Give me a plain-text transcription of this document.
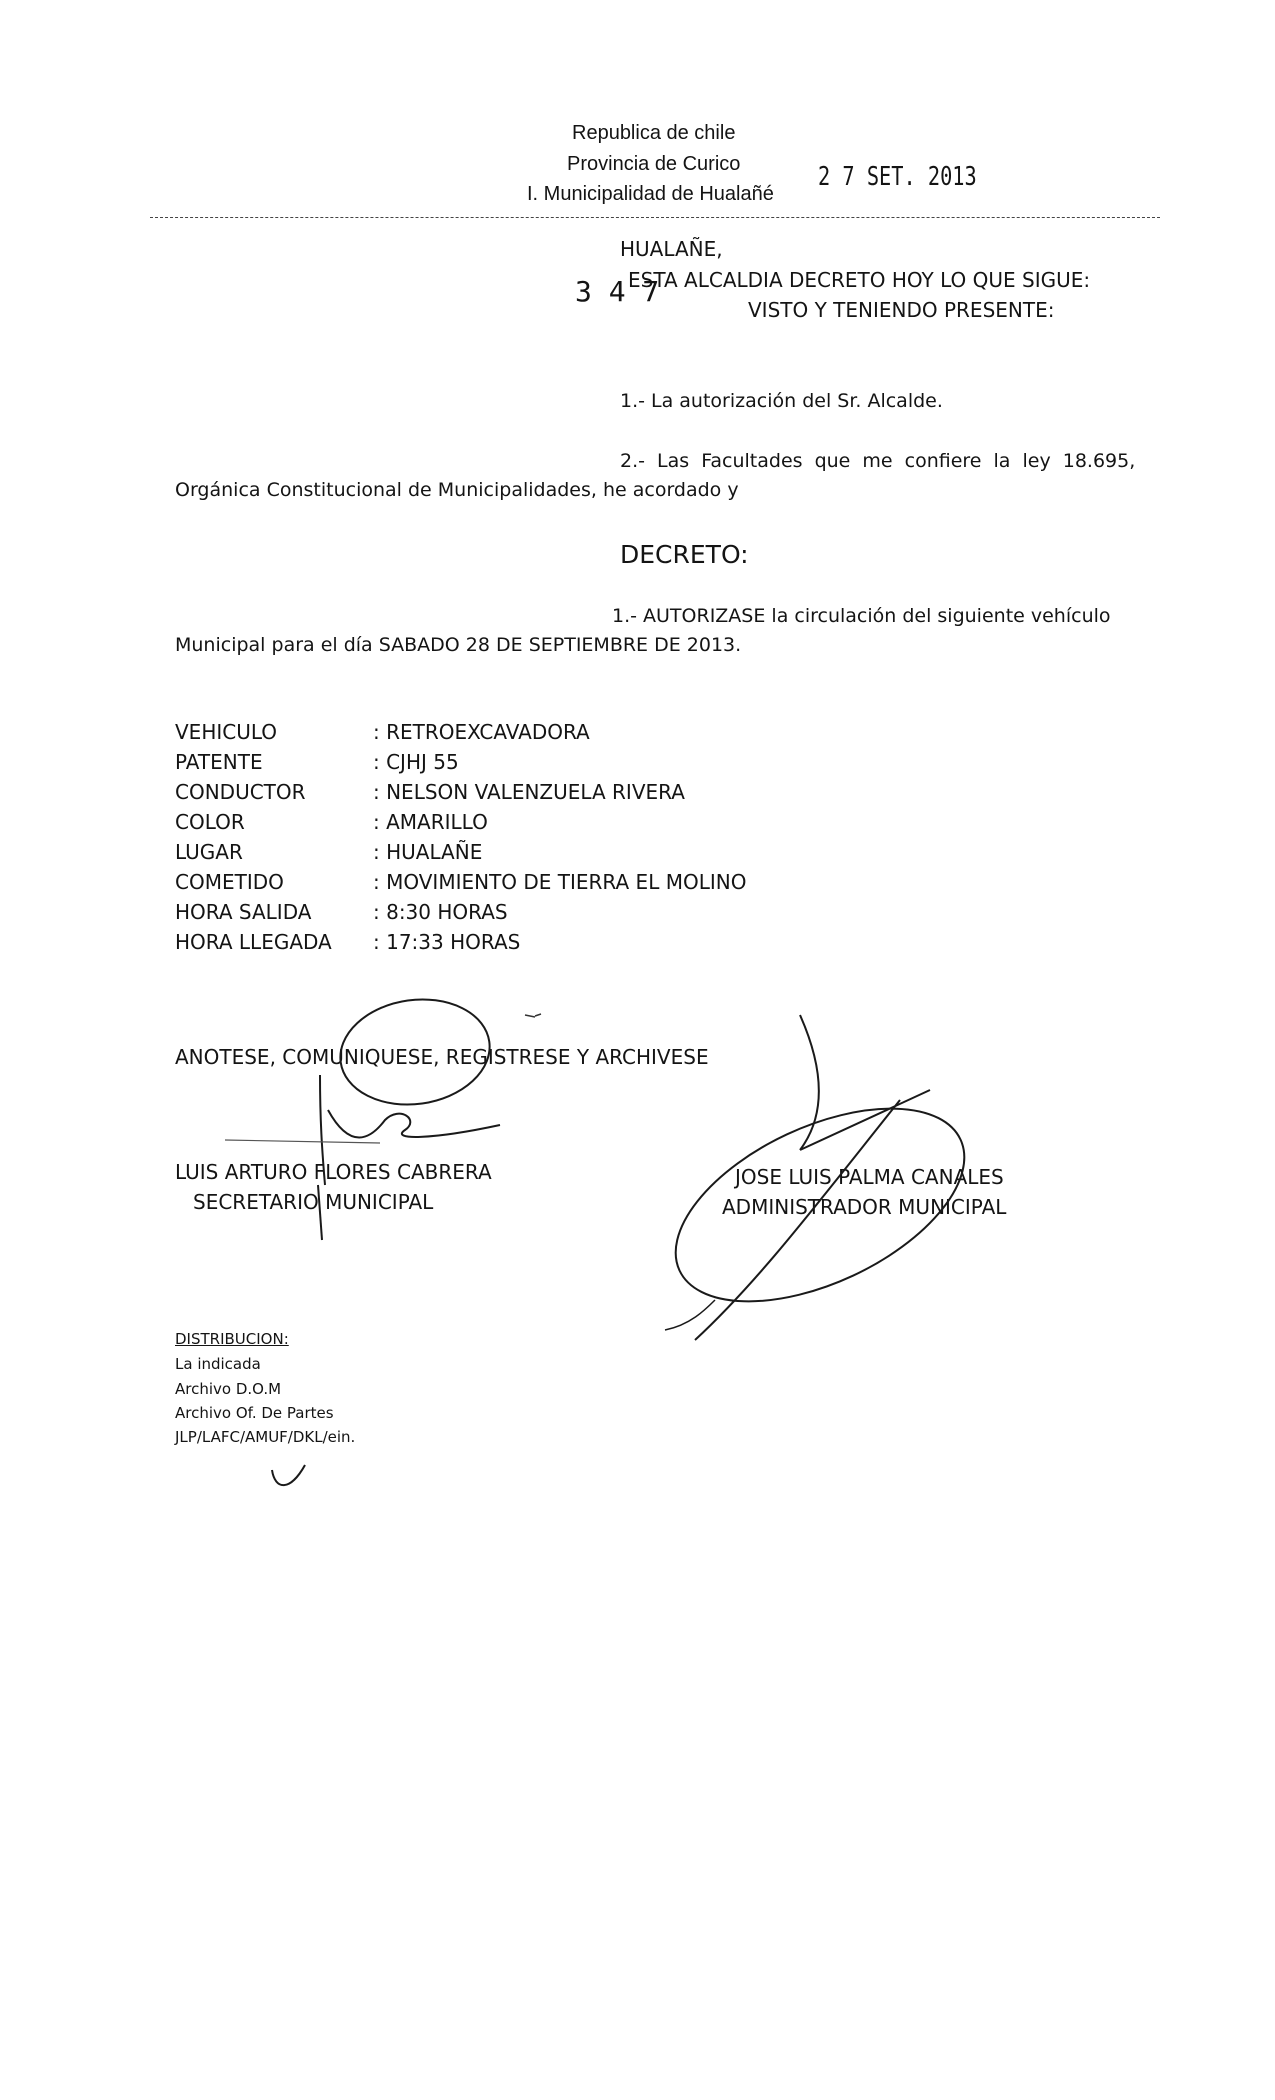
Republica de chile
Provincia de Curico
I. Municipalidad de Hualañé
2 7 SET. 2013
HUALAÑE,
3 4 7
ESTA ALCALDIA DECRETO HOY LO QUE SIGUE:
VISTO Y TENIENDO PRESENTE:
1.- La autorización del Sr. Alcalde.
2.- Las Facultades que me confiere la ley 18.695,
Orgánica Constitucional de Municipalidades, he acordado y
DECRETO:
1.- AUTORIZASE la circulación del siguiente vehículo
Municipal para el día SABADO 28 DE SEPTIEMBRE DE 2013.
VEHICULO	: RETROEXCAVADORA
PATENTE	: CJHJ 55
CONDUCTOR	: NELSON VALENZUELA RIVERA
COLOR	: AMARILLO
LUGAR	: HUALAÑE
COMETIDO	: MOVIMIENTO DE TIERRA EL MOLINO
HORA SALIDA	: 8:30 HORAS
HORA LLEGADA : 17:33 HORAS
ANOTESE, COMUNIQUESE, REGISTRESE Y ARCHIVESE
LUIS ARTURO FLORES CABRERA
SECRETARIO MUNICIPAL
JOSE LUIS PALMA CANALES
ADMINISTRADOR MUNICIPAL
DISTRIBUCION:
La indicada
Archivo D.O.M
Archivo Of. De Partes
JLP/LAFC/AMUF/DKL/ein.
